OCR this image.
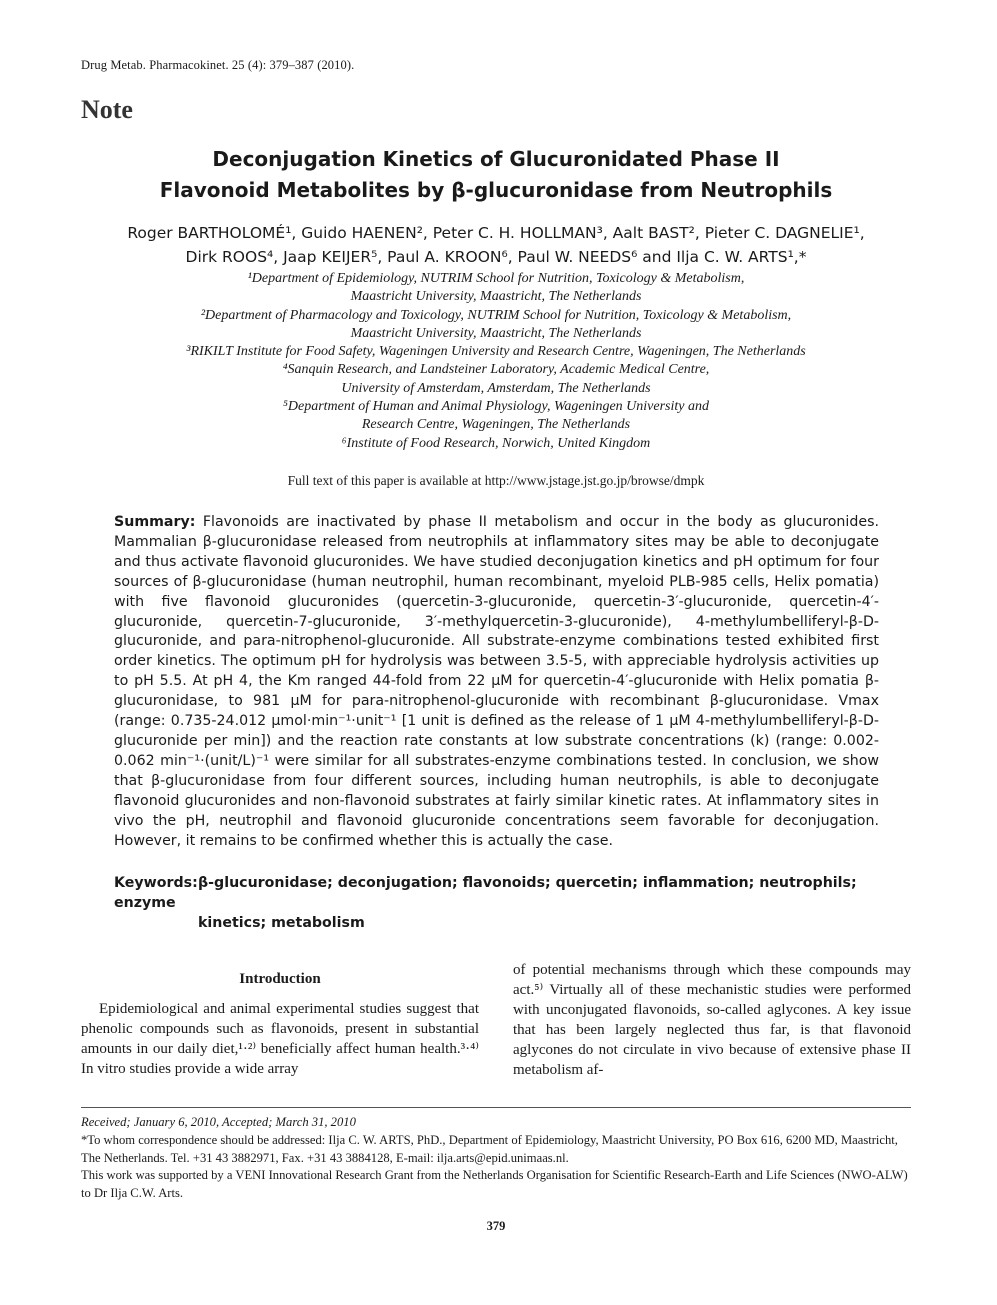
Drug Metab. Pharmacokinet. 25 (4): 379–387 (2010).
Note
Deconjugation Kinetics of Glucuronidated Phase II
Flavonoid Metabolites by β-glucuronidase from Neutrophils
Roger BARTHOLOMÉ¹, Guido HAENEN², Peter C. H. HOLLMAN³, Aalt BAST², Pieter C. DAGNELIE¹,
Dirk ROOS⁴, Jaap KEIJER⁵, Paul A. KROON⁶, Paul W. NEEDS⁶ and Ilja C. W. ARTS¹,*
¹Department of Epidemiology, NUTRIM School for Nutrition, Toxicology & Metabolism,
Maastricht University, Maastricht, The Netherlands
²Department of Pharmacology and Toxicology, NUTRIM School for Nutrition, Toxicology & Metabolism,
Maastricht University, Maastricht, The Netherlands
³RIKILT Institute for Food Safety, Wageningen University and Research Centre, Wageningen, The Netherlands
⁴Sanquin Research, and Landsteiner Laboratory, Academic Medical Centre,
University of Amsterdam, Amsterdam, The Netherlands
⁵Department of Human and Animal Physiology, Wageningen University and
Research Centre, Wageningen, The Netherlands
⁶Institute of Food Research, Norwich, United Kingdom
Full text of this paper is available at http://www.jstage.jst.go.jp/browse/dmpk
Summary: Flavonoids are inactivated by phase II metabolism and occur in the body as glucuronides. Mammalian β-glucuronidase released from neutrophils at inflammatory sites may be able to deconjugate and thus activate flavonoid glucuronides. We have studied deconjugation kinetics and pH optimum for four sources of β-glucuronidase (human neutrophil, human recombinant, myeloid PLB-985 cells, Helix pomatia) with five flavonoid glucuronides (quercetin-3-glucuronide, quercetin-3′-glucuronide, quercetin-4′-glucuronide, quercetin-7-glucuronide, 3′-methylquercetin-3-glucuronide), 4-methylumbelliferyl-β-D-glucuronide, and para-nitrophenol-glucuronide. All substrate-enzyme combinations tested exhibited first order kinetics. The optimum pH for hydrolysis was between 3.5-5, with appreciable hydrolysis activities up to pH 5.5. At pH 4, the Km ranged 44-fold from 22 μM for quercetin-4′-glucuronide with Helix pomatia β-glucuronidase, to 981 μM for para-nitrophenol-glucuronide with recombinant β-glucuronidase. Vmax (range: 0.735-24.012 μmol·min⁻¹·unit⁻¹ [1 unit is defined as the release of 1 μM 4-methylumbelliferyl-β-D-glucuronide per min]) and the reaction rate constants at low substrate concentrations (k) (range: 0.002-0.062 min⁻¹·(unit/L)⁻¹ were similar for all substrates-enzyme combinations tested. In conclusion, we show that β-glucuronidase from four different sources, including human neutrophils, is able to deconjugate flavonoid glucuronides and non-flavonoid substrates at fairly similar kinetic rates. At inflammatory sites in vivo the pH, neutrophil and flavonoid glucuronide concentrations seem favorable for deconjugation. However, it remains to be confirmed whether this is actually the case.
Keywords:β-glucuronidase; deconjugation; flavonoids; quercetin; inflammation; neutrophils; enzyme
kinetics; metabolism
Introduction
Epidemiological and animal experimental studies suggest that phenolic compounds such as flavonoids, present in substantial amounts in our daily diet,¹·²⁾ beneficially affect human health.³·⁴⁾ In vitro studies provide a wide array
of potential mechanisms through which these compounds may act.⁵⁾ Virtually all of these mechanistic studies were performed with unconjugated flavonoids, so-called aglycones. A key issue that has been largely neglected thus far, is that flavonoid aglycones do not circulate in vivo because of extensive phase II metabolism af-

Received; January 6, 2010, Accepted; March 31, 2010

*To whom correspondence should be addressed: Ilja C. W. ARTS, PhD., Department of Epidemiology, Maastricht University, PO Box 616, 6200 MD, Maastricht, The Netherlands. Tel. +31 43 3882971, Fax. +31 43 3884128, E-mail: ilja.arts@epid.unimaas.nl.

This work was supported by a VENI Innovational Research Grant from the Netherlands Organisation for Scientific Research-Earth and Life Sciences (NWO-ALW) to Dr Ilja C.W. Arts.

379
